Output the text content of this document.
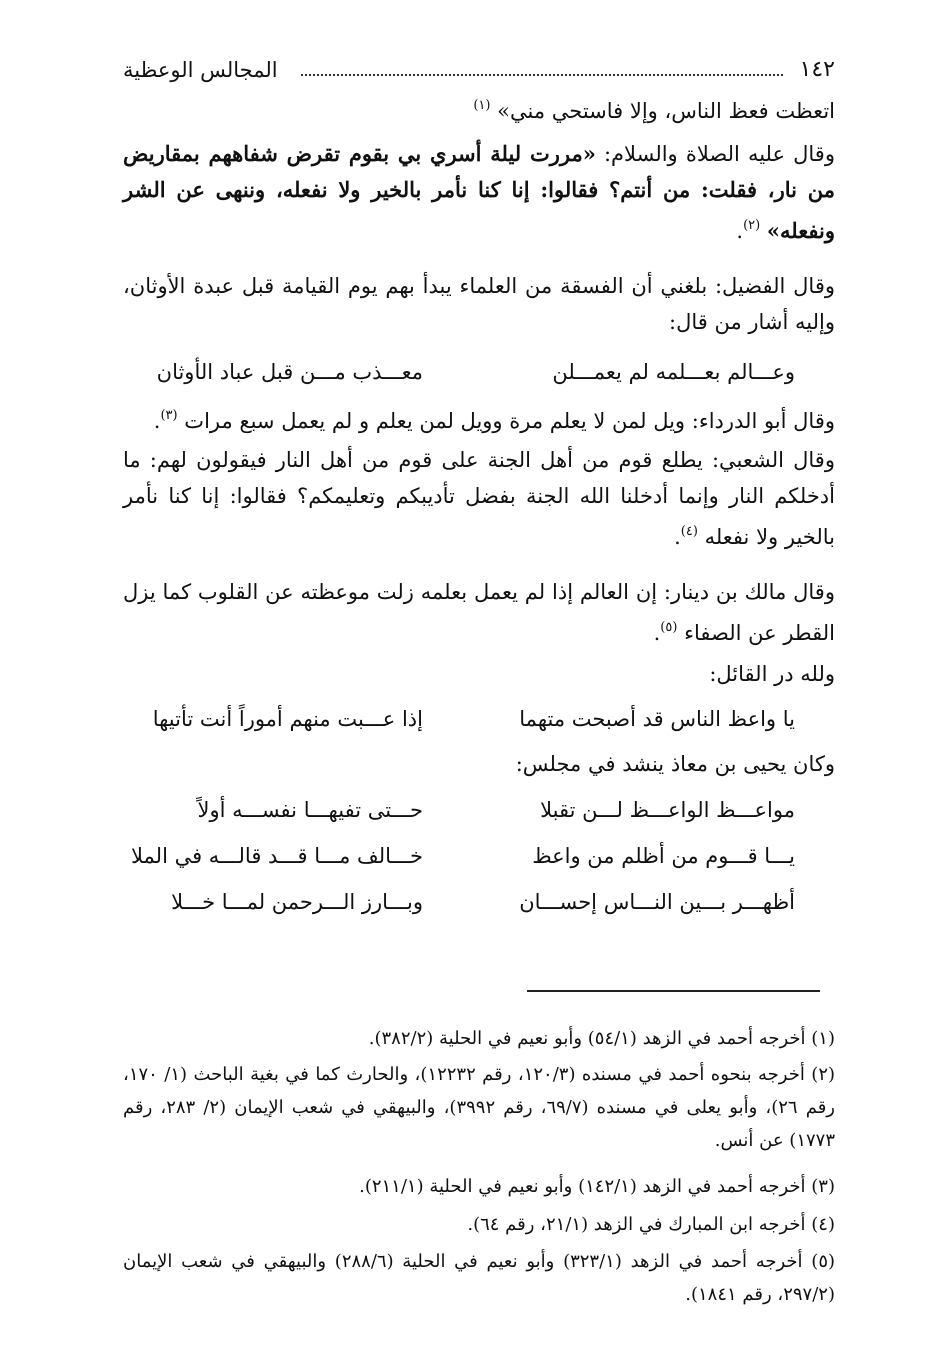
١٤٢
المجالس الوعظية

اتعظت فعظ الناس، وإلا فاستحي مني» $^{(١)}$

وقال عليه الصلاة والسلام: «مررت ليلة أسري بي بقوم تقرض شفاههم بمقاريض من نار، فقلت: من أنتم؟ فقالوا: إنا كنا نأمر بالخير ولا نفعله، وننهى عن الشر ونفعله» $^{(٢)}$.

وقال الفضيل: بلغني أن الفسقة من العلماء يبدأ بهم يوم القيامة قبل عبدة الأوثان، وإليه أشار من قال:

وعـــالم بعـــلمه لم يعمـــلن
معـــذب مـــن قبل عباد الأوثان

وقال أبو الدرداء: ويل لمن لا يعلم مرة وويل لمن يعلم و لم يعمل سبع مرات $^{(٣)}$.

وقال الشعبي: يطلع قوم من أهل الجنة على قوم من أهل النار فيقولون لهم: ما أدخلكم النار وإنما أدخلنا الله الجنة بفضل تأديبكم وتعليمكم؟ فقالوا: إنا كنا نأمر بالخير ولا نفعله $^{(٤)}$.

وقال مالك بن دينار: إن العالم إذا لم يعمل بعلمه زلت موعظته عن القلوب كما يزل القطر عن الصفاء $^{(٥)}$.

ولله در القائل:

يا واعظ الناس قد أصبحت متهما
إذا عـــبت منهم أموراً أنت تأتيها

وكان يحيى بن معاذ ينشد في مجلس:

مواعـــظ الواعـــظ لـــن تقبلا
حـــتى تفيهـــا نفســـه أولاً
يـــا قـــوم من أظلم من واعظ
خـــالف مـــا قـــد قالـــه في الملا
أظهـــر بـــين النـــاس إحســـان
وبـــارز الـــرحمن لمـــا خـــلا

(١) أخرجه أحمد في الزهد (٥٤/١) وأبو نعيم في الحلية (٣٨٢/٢).

(٢) أخرجه بنحوه أحمد في مسنده (١٢٠/٣، رقم ١٢٢٣٢)، والحارث كما في بغية الباحث (١/ ١٧٠، رقم ٢٦)، وأبو يعلى في مسنده (٦٩/٧، رقم ٣٩٩٢)، والبيهقي في شعب الإيمان (٢/ ٢٨٣، رقم ١٧٧٣) عن أنس.

(٣) أخرجه أحمد في الزهد (١٤٢/١) وأبو نعيم في الحلية (٢١١/١).

(٤) أخرجه ابن المبارك في الزهد (٢١/١، رقم ٦٤).

(٥) أخرجه أحمد في الزهد (٣٢٣/١) وأبو نعيم في الحلية (٢٨٨/٦) والبيهقي في شعب الإيمان (٢٩٧/٢، رقم ١٨٤١).
